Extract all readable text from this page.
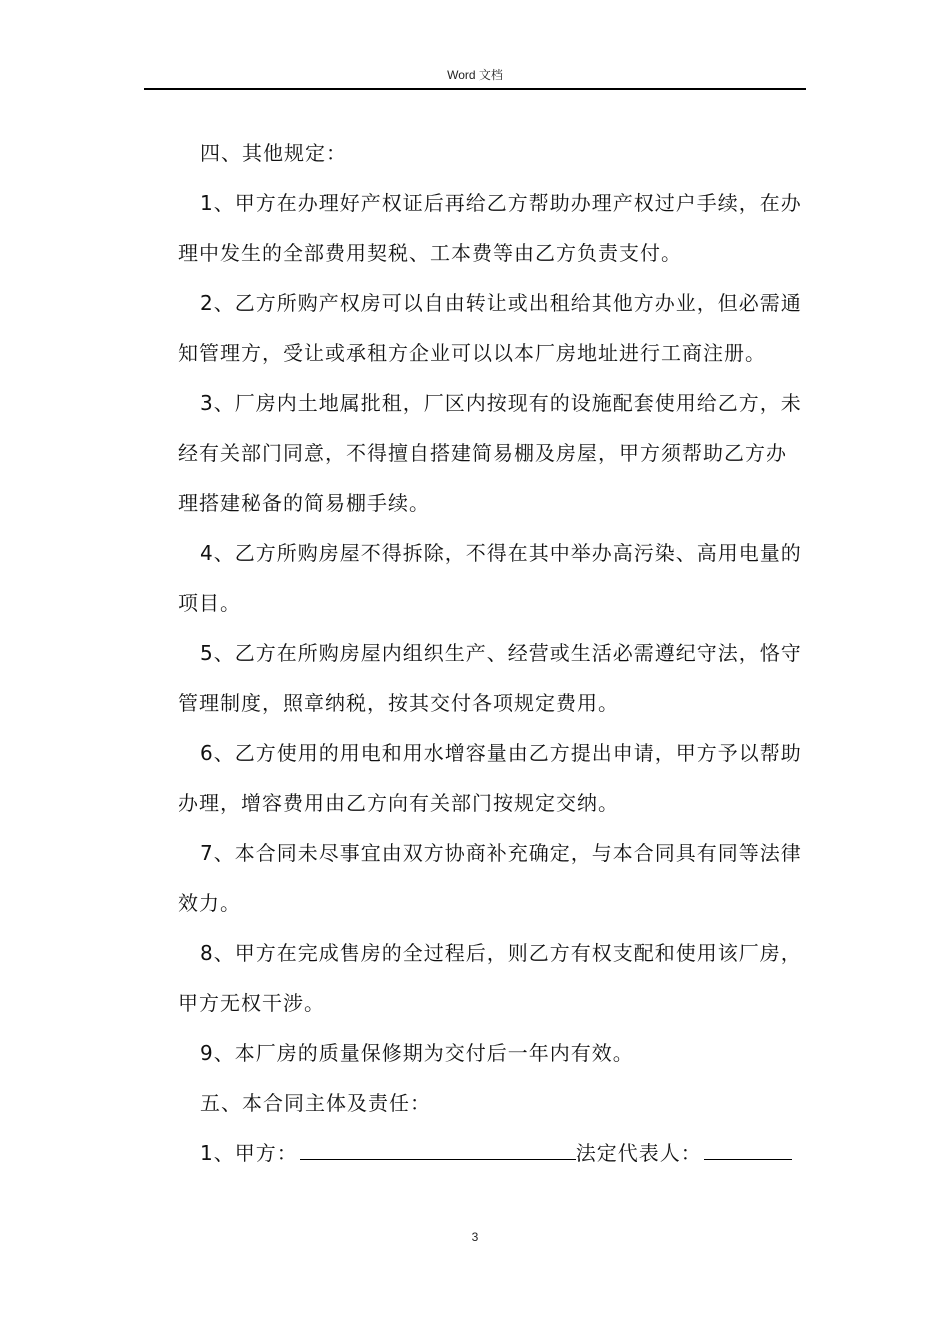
Word 文档

四、其他规定：

1、甲方在办理好产权证后再给乙方帮助办理产权过户手续，在办理中发生的全部费用契税、工本费等由乙方负责支付。

2、乙方所购产权房可以自由转让或出租给其他方办业，但必需通知管理方，受让或承租方企业可以以本厂房地址进行工商注册。

3、厂房内土地属批租，厂区内按现有的设施配套使用给乙方，未经有关部门同意，不得擅自搭建简易棚及房屋，甲方须帮助乙方办理搭建秘备的简易棚手续。

4、乙方所购房屋不得拆除，不得在其中举办高污染、高用电量的项目。

5、乙方在所购房屋内组织生产、经营或生活必需遵纪守法，恪守管理制度，照章纳税，按其交付各项规定费用。

6、乙方使用的用电和用水增容量由乙方提出申请，甲方予以帮助办理，增容费用由乙方向有关部门按规定交纳。

7、本合同未尽事宜由双方协商补充确定，与本合同具有同等法律效力。

8、甲方在完成售房的全过程后，则乙方有权支配和使用该厂房，甲方无权干涉。

9、本厂房的质量保修期为交付后一年内有效。

五、本合同主体及责任：

1、甲方：	法定代表人：

3
